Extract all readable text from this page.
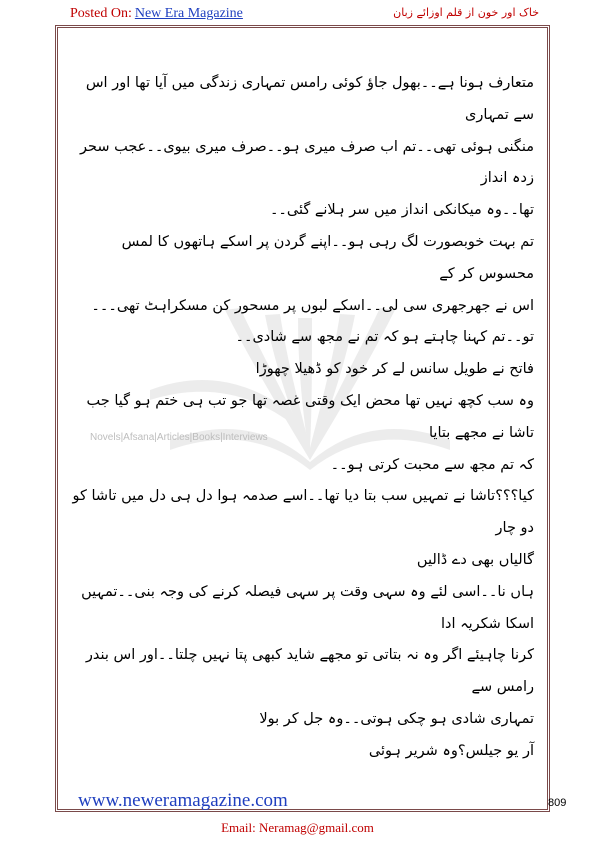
Posted On: New Era Magazine	خاک اور خون از قلم اوزائے زبان
Novels|Afsana|Articles|Books|Interviews

متعارف ہونا ہے۔۔بھول جاؤ کوئی رامس تمہاری زندگی میں آیا تھا اور اس سے تمہاری

منگنی ہوئی تھی۔۔تم اب صرف میری ہو۔۔صرف میری بیوی۔۔عجب سحر زدہ انداز

تھا۔۔وہ میکانکی انداز میں سر ہلانے گئی۔۔

تم بہت خوبصورت لگ رہی ہو۔۔اپنے گردن پر اسکے ہاتھوں کا لمس محسوس کر کے

اس نے جھرجھری سی لی۔۔اسکے لبوں پر مسحور کن مسکراہٹ تھی۔۔۔

تو۔۔تم کہنا چاہتے ہو کہ تم نے مجھ سے شادی۔۔

فاتح نے طویل سانس لے کر خود کو ڈھیلا چھوڑا

وہ سب کچھ نہیں تھا محض ایک وقتی غصہ تھا جو تب ہی ختم ہو گیا جب تاشا نے مجھے بتایا

کہ تم مجھ سے محبت کرتی ہو۔۔

کیا؟؟؟تاشا نے تمہیں سب بتا دیا تھا۔۔اسے صدمہ ہوا دل ہی دل میں تاشا کو دو چار

گالیاں بھی دے ڈالیں

ہاں نا۔۔اسی لئے وہ سہی وقت پر سہی فیصلہ کرنے کی وجہ بنی۔۔تمہیں اسکا شکریہ ادا

کرنا چاہیئے اگر وہ نہ بتاتی تو مجھے شاید کبھی پتا نہیں چلتا۔۔اور اس بندر رامس سے

تمہاری شادی ہو چکی ہوتی۔۔وہ جل کر بولا

آر یو جیلس؟وہ شریر ہوئی

www.neweramagazine.com	809
Email: Neramag@gmail.com
